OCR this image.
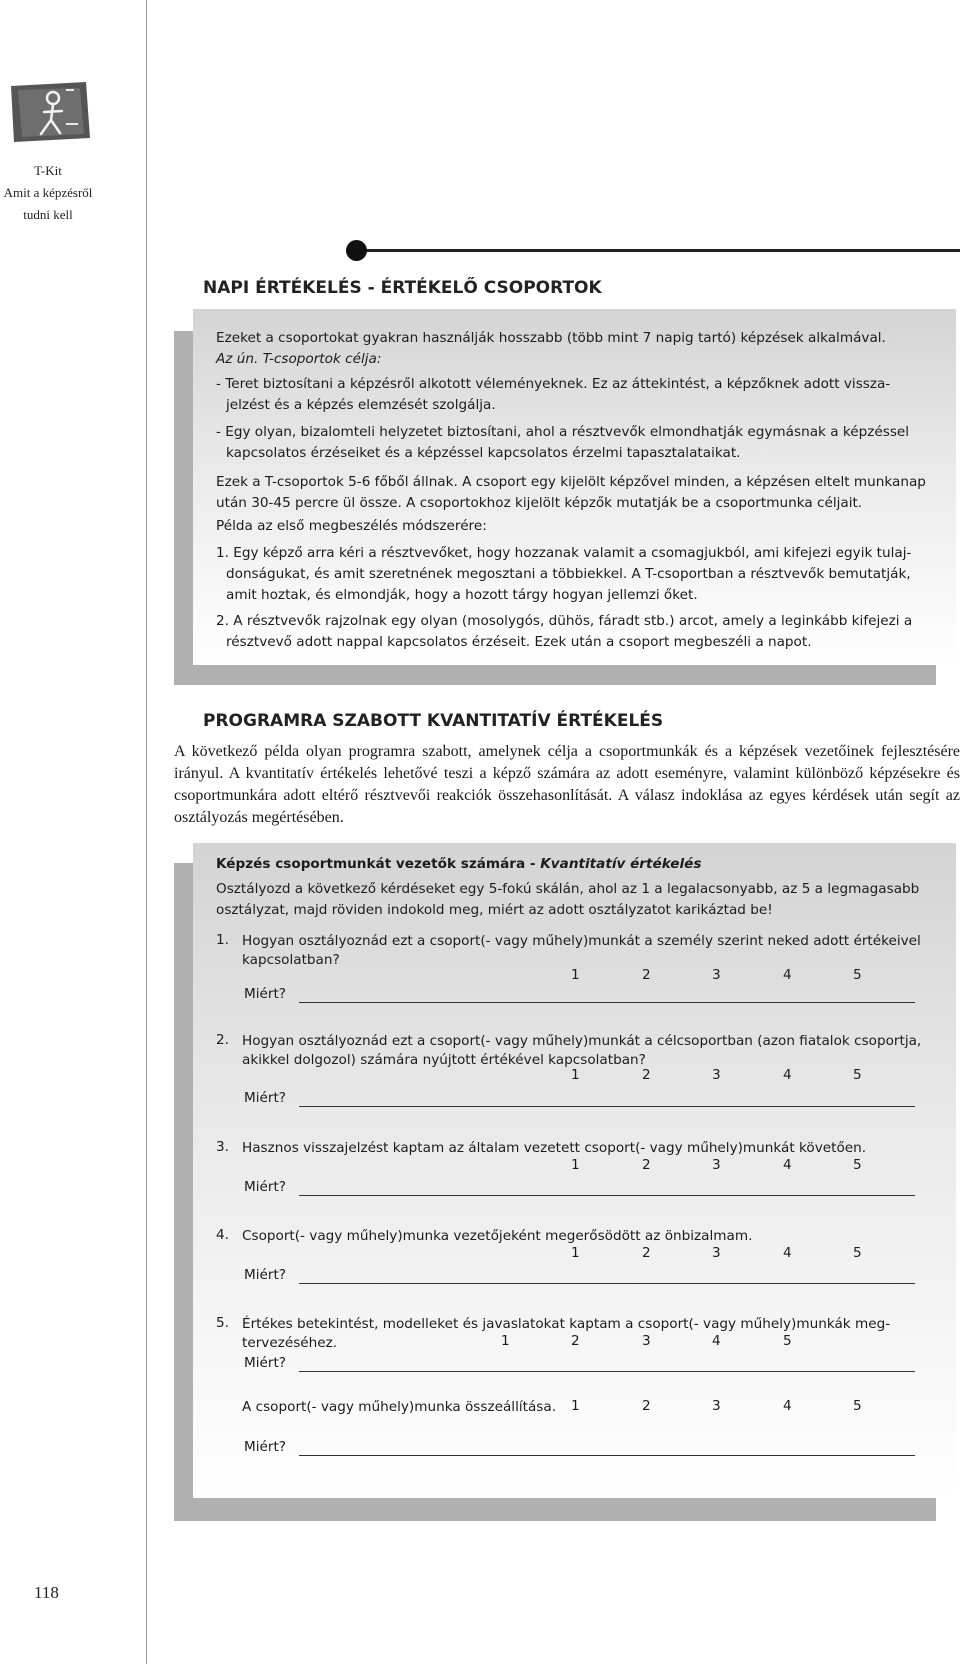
T-Kit
Amit a képzésről
tudni kell
118
NAPI ÉRTÉKELÉS - ÉRTÉKELŐ CSOPORTOK
Ezeket a csoportokat gyakran használják hosszabb (több mint 7 napig tartó) képzések alkalmával.
Az ún. T-csoportok célja:
- Teret biztosítani a képzésről alkotott véleményeknek. Ez az áttekintést, a képzőknek adott vissza-
jelzést és a képzés elemzését szolgálja.
- Egy olyan, bizalomteli helyzetet biztosítani, ahol a résztvevők elmondhatják egymásnak a képzéssel
kapcsolatos érzéseiket és a képzéssel kapcsolatos érzelmi tapasztalataikat.
Ezek a T-csoportok 5-6 főből állnak. A csoport egy kijelölt képzővel minden, a képzésen eltelt munkanap után 30-45 percre ül össze. A csoportokhoz kijelölt képzők mutatják be a csoportmunka céljait.
Példa az első megbeszélés módszerére:
1. Egy képző arra kéri a résztvevőket, hogy hozzanak valamit a csomagjukból, ami kifejezi egyik tulaj-
donságukat, és amit szeretnének megosztani a többiekkel. A T-csoportban a résztvevők bemutatják,
amit hoztak, és elmondják, hogy a hozott tárgy hogyan jellemzi őket.
2. A résztvevők rajzolnak egy olyan (mosolygós, dühös, fáradt stb.) arcot, amely a leginkább kifejezi a
résztvevő adott nappal kapcsolatos érzéseit. Ezek után a csoport megbeszéli a napot.
PROGRAMRA SZABOTT KVANTITATÍV ÉRTÉKELÉS
A következő példa olyan programra szabott, amelynek célja a csoportmunkák és a képzések vezetőinek fejlesztésére irányul. A kvantitatív értékelés lehetővé teszi a képző számára az adott eseményre, valamint különböző képzésekre és csoportmunkára adott eltérő résztvevői reakciók összehasonlítását. A válasz indoklása az egyes kérdések után segít az osztályozás megértésében.
Képzés csoportmunkát vezetők számára - Kvantitatív értékelés
Osztályozd a következő kérdéseket egy 5-fokú skálán, ahol az 1 a legalacsonyabb, az 5 a legmagasabb osztályzat, majd röviden indokold meg, miért az adott osztályzatot karikáztad be!
1. Hogyan osztályoznád ezt a csoport(- vagy műhely)munkát a személy szerint neked adott értékeivel
kapcsolatban?
1	2	3	4	5
Miért?
2. Hogyan osztályoznád ezt a csoport(- vagy műhely)munkát a célcsoportban (azon fiatalok csoportja,
akikkel dolgozol) számára nyújtott értékével kapcsolatban?
1	2	3	4	5
Miért?
3. Hasznos visszajelzést kaptam az általam vezetett csoport(- vagy műhely)munkát követően.
1	2	3	4	5
Miért?
4. Csoport(- vagy műhely)munka vezetőjeként megerősödött az önbizalmam.
1	2	3	4	5
Miért?
5. Értékes betekintést, modelleket és javaslatokat kaptam a csoport(- vagy műhely)munkák meg-
tervezéséhez.	1	2	3	4	5
Miért?
A csoport(- vagy műhely)munka összeállítása.	1	2	3	4	5
Miért?
